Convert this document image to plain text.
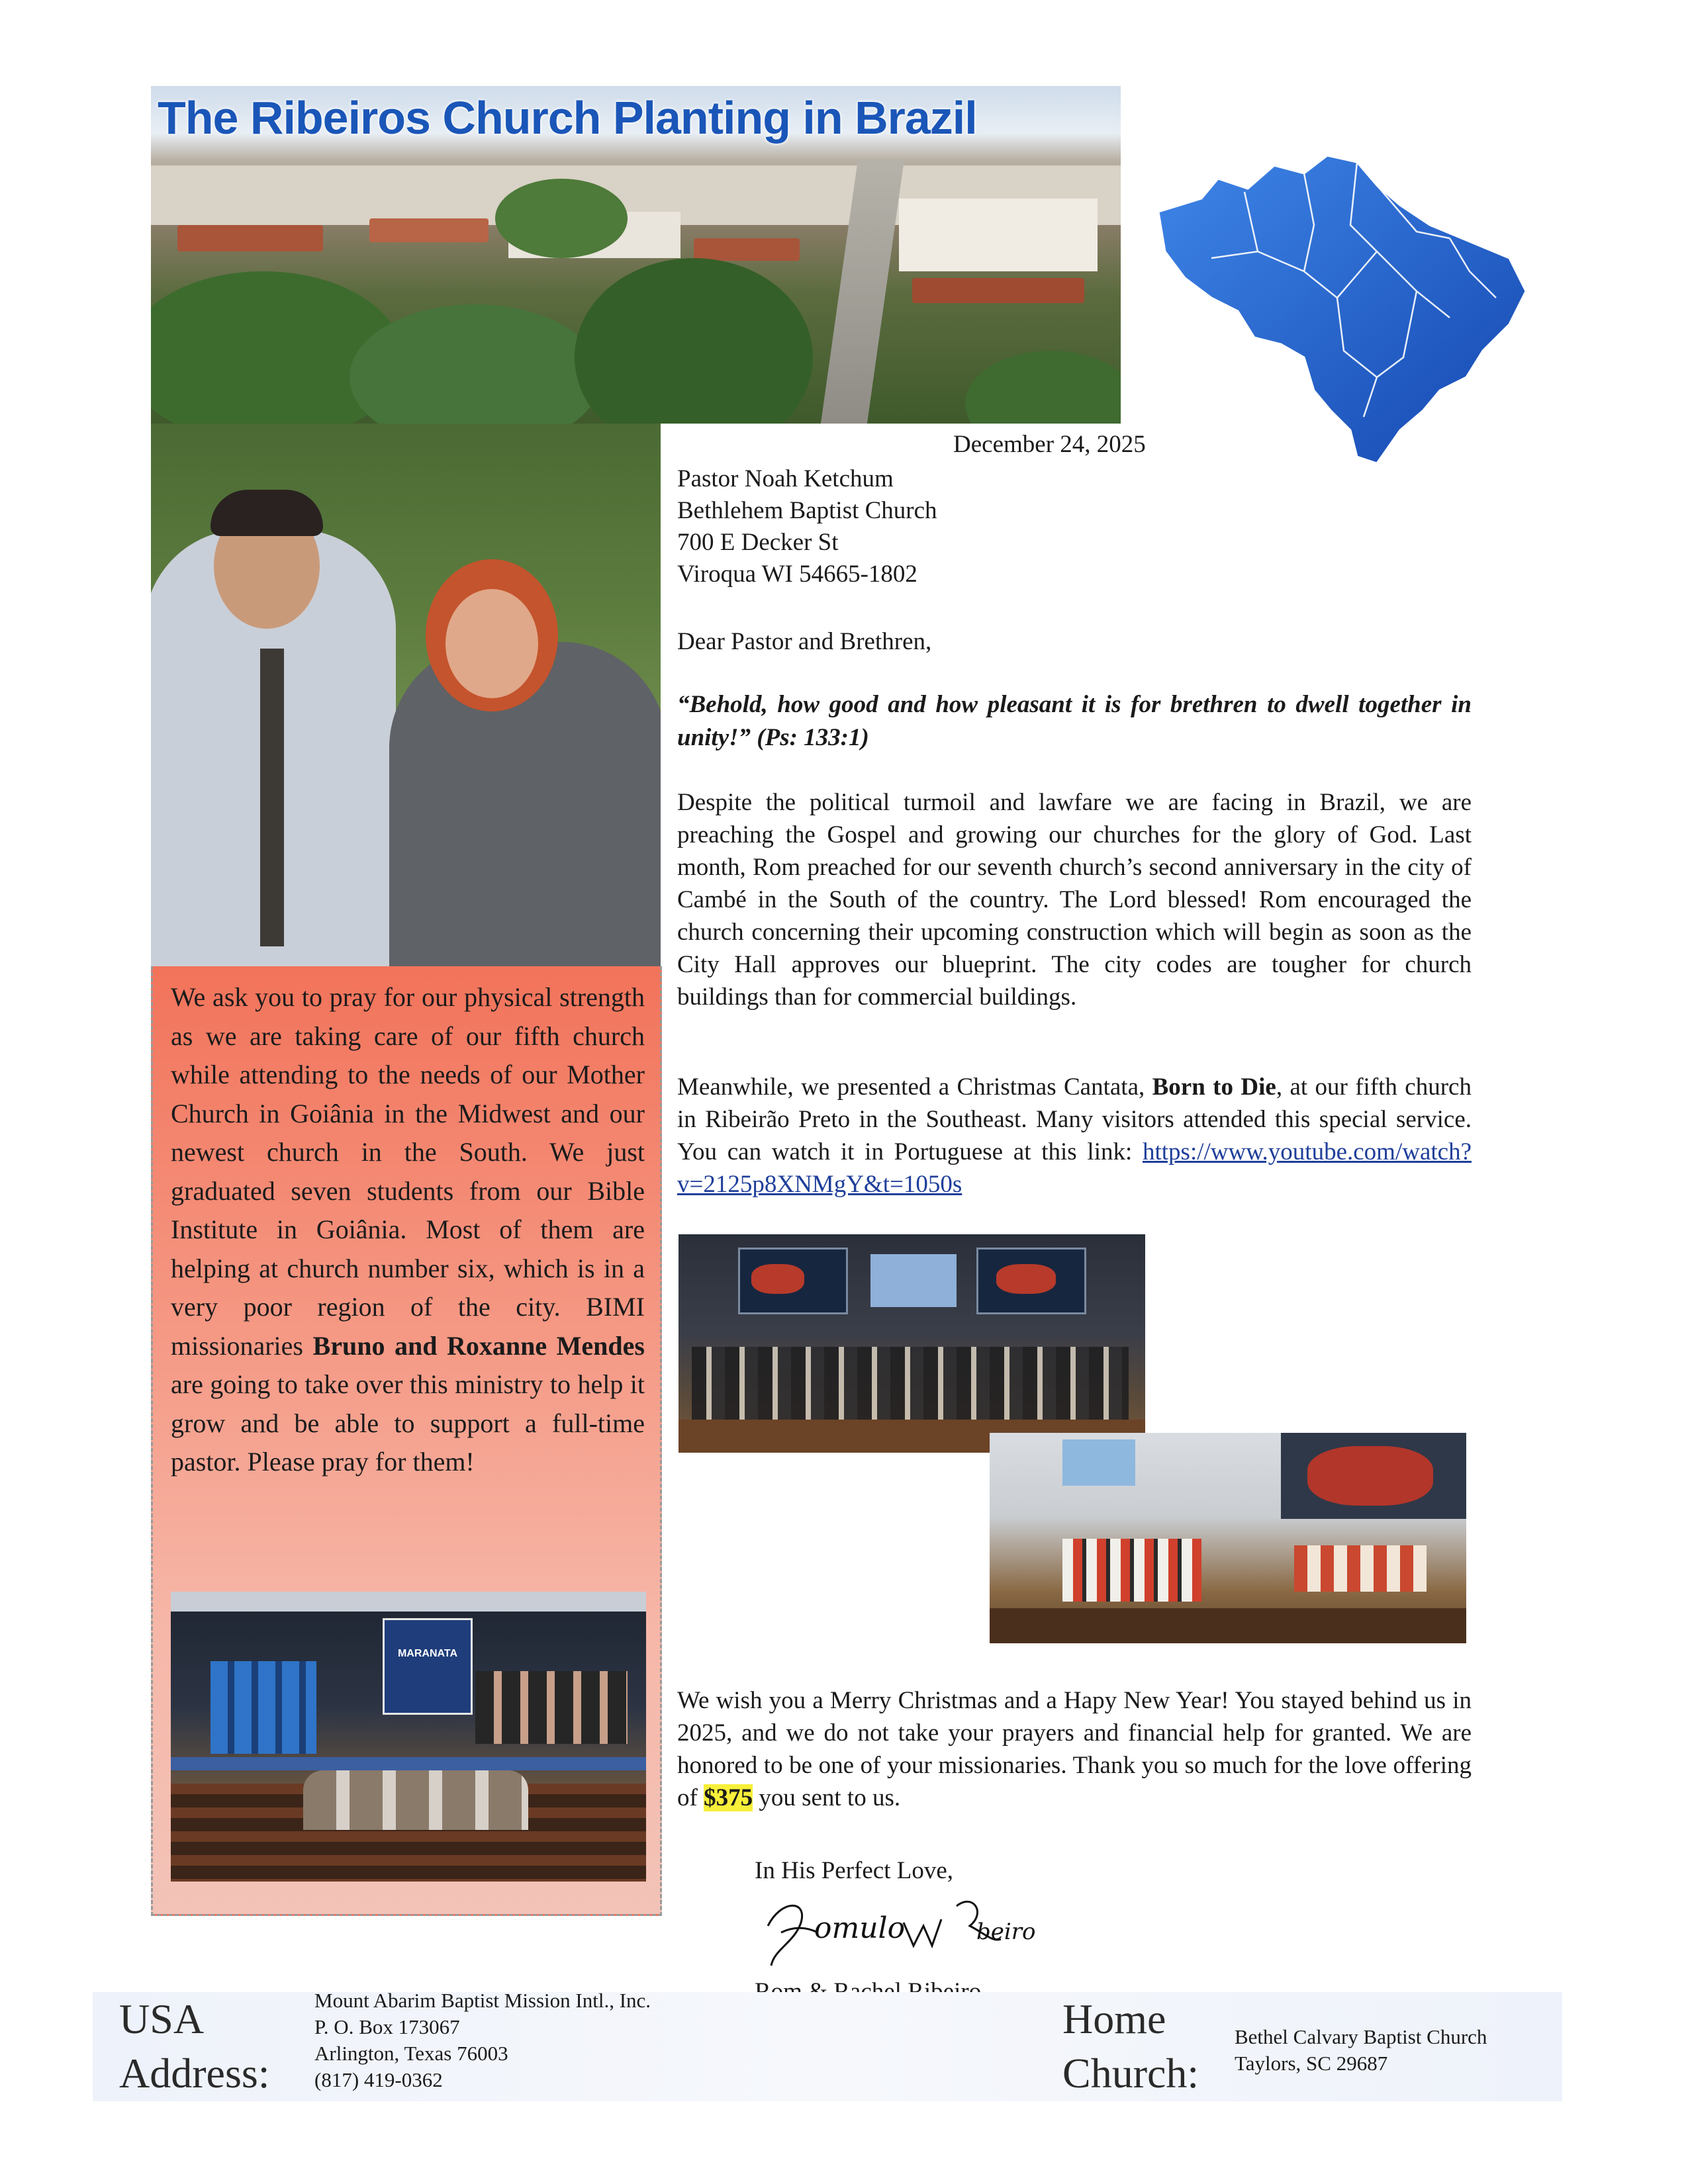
The Ribeiros Church Planting in Brazil
December 24, 2025
Pastor Noah Ketchum
Bethlehem Baptist Church
700 E Decker St
Viroqua WI 54665-1802
Dear Pastor and Brethren,
“Behold, how good and how pleasant it is for brethren to dwell together in unity!” (Ps: 133:1)
Despite the political turmoil and lawfare we are facing in Brazil, we are preaching the Gospel and growing our churches for the glory of God. Last month, Rom preached for our seventh church’s second anniversary in the city of Cambé in the South of the country. The Lord blessed! Rom encouraged the church concerning their upcoming construction which will begin as soon as the City Hall approves our blueprint. The city codes are tougher for church buildings than for commercial buildings.
Meanwhile, we presented a Christmas Cantata, Born to Die, at our fifth church in Ribeirão Preto in the Southeast. Many visitors attended this special service. You can watch it in Portuguese at this link: https://www.youtube.com/watch?v=2125p8XNMgY&t=1050s
We ask you to pray for our physical strength as we are taking care of our fifth church while attending to the needs of our Mother Church in Goiânia in the Midwest and our newest church in the South. We just graduated seven students from our Bible Institute in Goiânia. Most of them are helping at church number six, which is in a very poor region of the city. BIMI missionaries Bruno and Roxanne Mendes are going to take over this ministry to help it grow and be able to support a full-time pastor. Please pray for them!
MARANATA
We wish you a Merry Christmas and a Hapy New Year! You stayed behind us in 2025, and we do not take your prayers and financial help for granted. We are honored to be one of your missionaries. Thank you so much for the love offering of $375 you sent to us.
In His Perfect Love,
omulo	beiro
USA
Address:
Mount Abarim Baptist Mission Intl., Inc.
P. O. Box 173067
Arlington, Texas 76003
(817) 419-0362
Home
Church:
Bethel Calvary Baptist Church
Taylors, SC 29687
